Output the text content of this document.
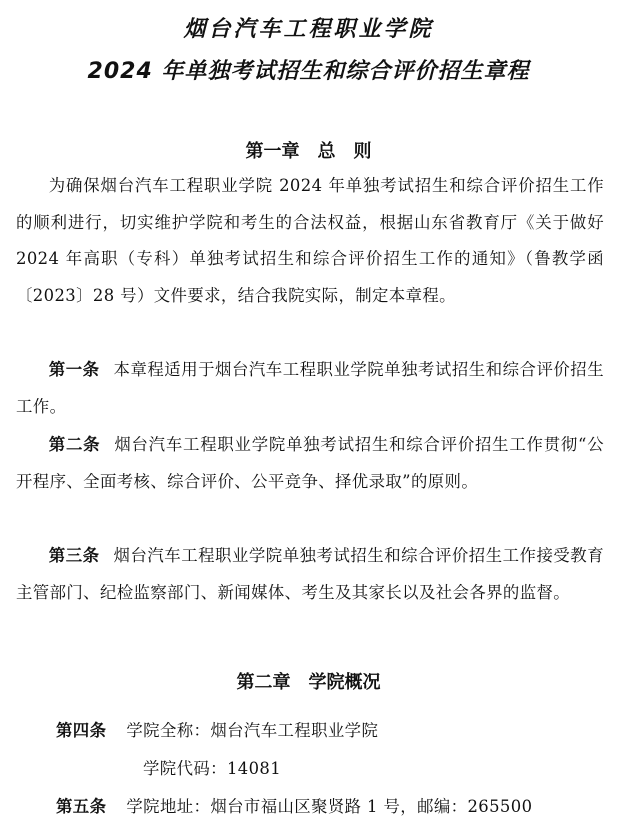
烟台汽车工程职业学院
2024 年单独考试招生和综合评价招生章程
第一章　总　则
为确保烟台汽车工程职业学院 2024 年单独考试招生和综合评价招生工作的顺利进行，切实维护学院和考生的合法权益，根据山东省教育厅《关于做好 2024 年高职（专科）单独考试招生和综合评价招生工作的通知》（鲁教学函〔2023〕28 号）文件要求，结合我院实际，制定本章程。
第一条 本章程适用于烟台汽车工程职业学院单独考试招生和综合评价招生工作。
第二条 烟台汽车工程职业学院单独考试招生和综合评价招生工作贯彻“公开程序、全面考核、综合评价、公平竞争、择优录取”的原则。
第三条 烟台汽车工程职业学院单独考试招生和综合评价招生工作接受教育主管部门、纪检监察部门、新闻媒体、考生及其家长以及社会各界的监督。
第二章　学院概况
第四条 学院全称：烟台汽车工程职业学院
学院代码：14081
第五条 学院地址：烟台市福山区聚贤路 1 号，邮编：265500
